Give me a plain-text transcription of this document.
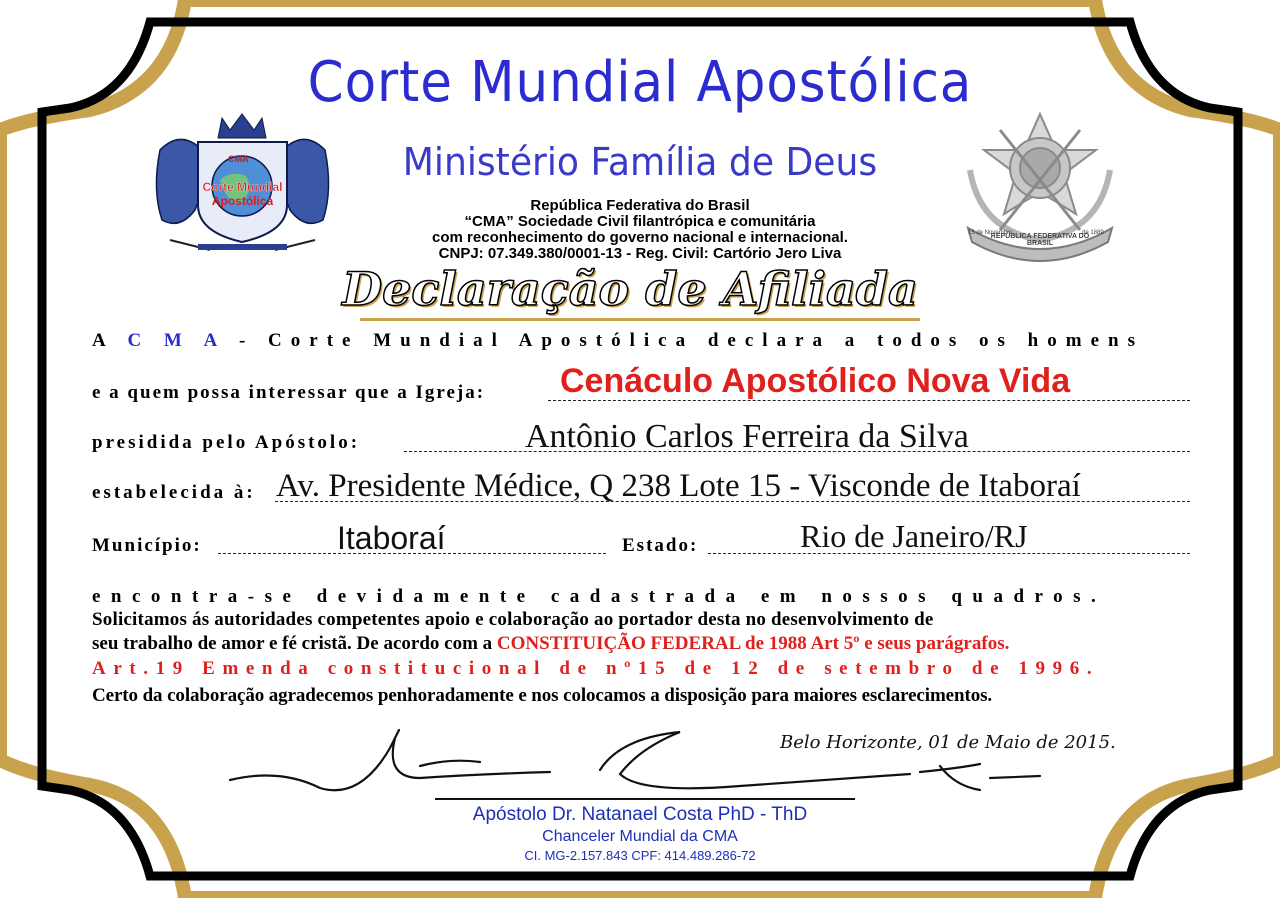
Corte Mundial Apostólica
Ministério Família de Deus
República Federativa do Brasil
“CMA” Sociedade Civil filantrópica e comunitária
com reconhecimento do governo nacional e internacional.
CNPJ: 07.349.380/0001-13 - Reg. Civil: Cartório Jero Liva
CMA
Corte Mundial
Apostólica
REPÚBLICA FEDERATIVA DO BRASIL
15 de Novembro	de 1889
Declaração de Afiliada
A C M A - Corte Mundial Apostólica declara a todos os homens
e a quem possa interessar que a Igreja:	Cenáculo Apostólico Nova Vida
presidida pelo Apóstolo:	Antônio Carlos Ferreira da Silva
estabelecida à: Av. Presidente Médice, Q 238 Lote 15 - Visconde de Itaboraí
Município:	Itaboraí	Estado:	Rio de Janeiro/RJ
encontra-se devidamente cadastrada em nossos quadros.
Solicitamos ás autoridades competentes apoio e colaboração ao portador desta no desenvolvimento de
seu trabalho de amor e fé cristã. De acordo com a CONSTITUIÇÃO FEDERAL de 1988 Art 5º e seus parágrafos.
Art.19 Emenda constitucional de nº15 de 12 de setembro de 1996.
Certo da colaboração agradecemos penhoradamente e nos colocamos a disposição para maiores esclarecimentos.
Belo Horizonte, 01 de Maio de 2015.
Apóstolo Dr. Natanael Costa PhD - ThD
Chanceler Mundial da CMA
CI. MG-2.157.843 CPF: 414.489.286-72
